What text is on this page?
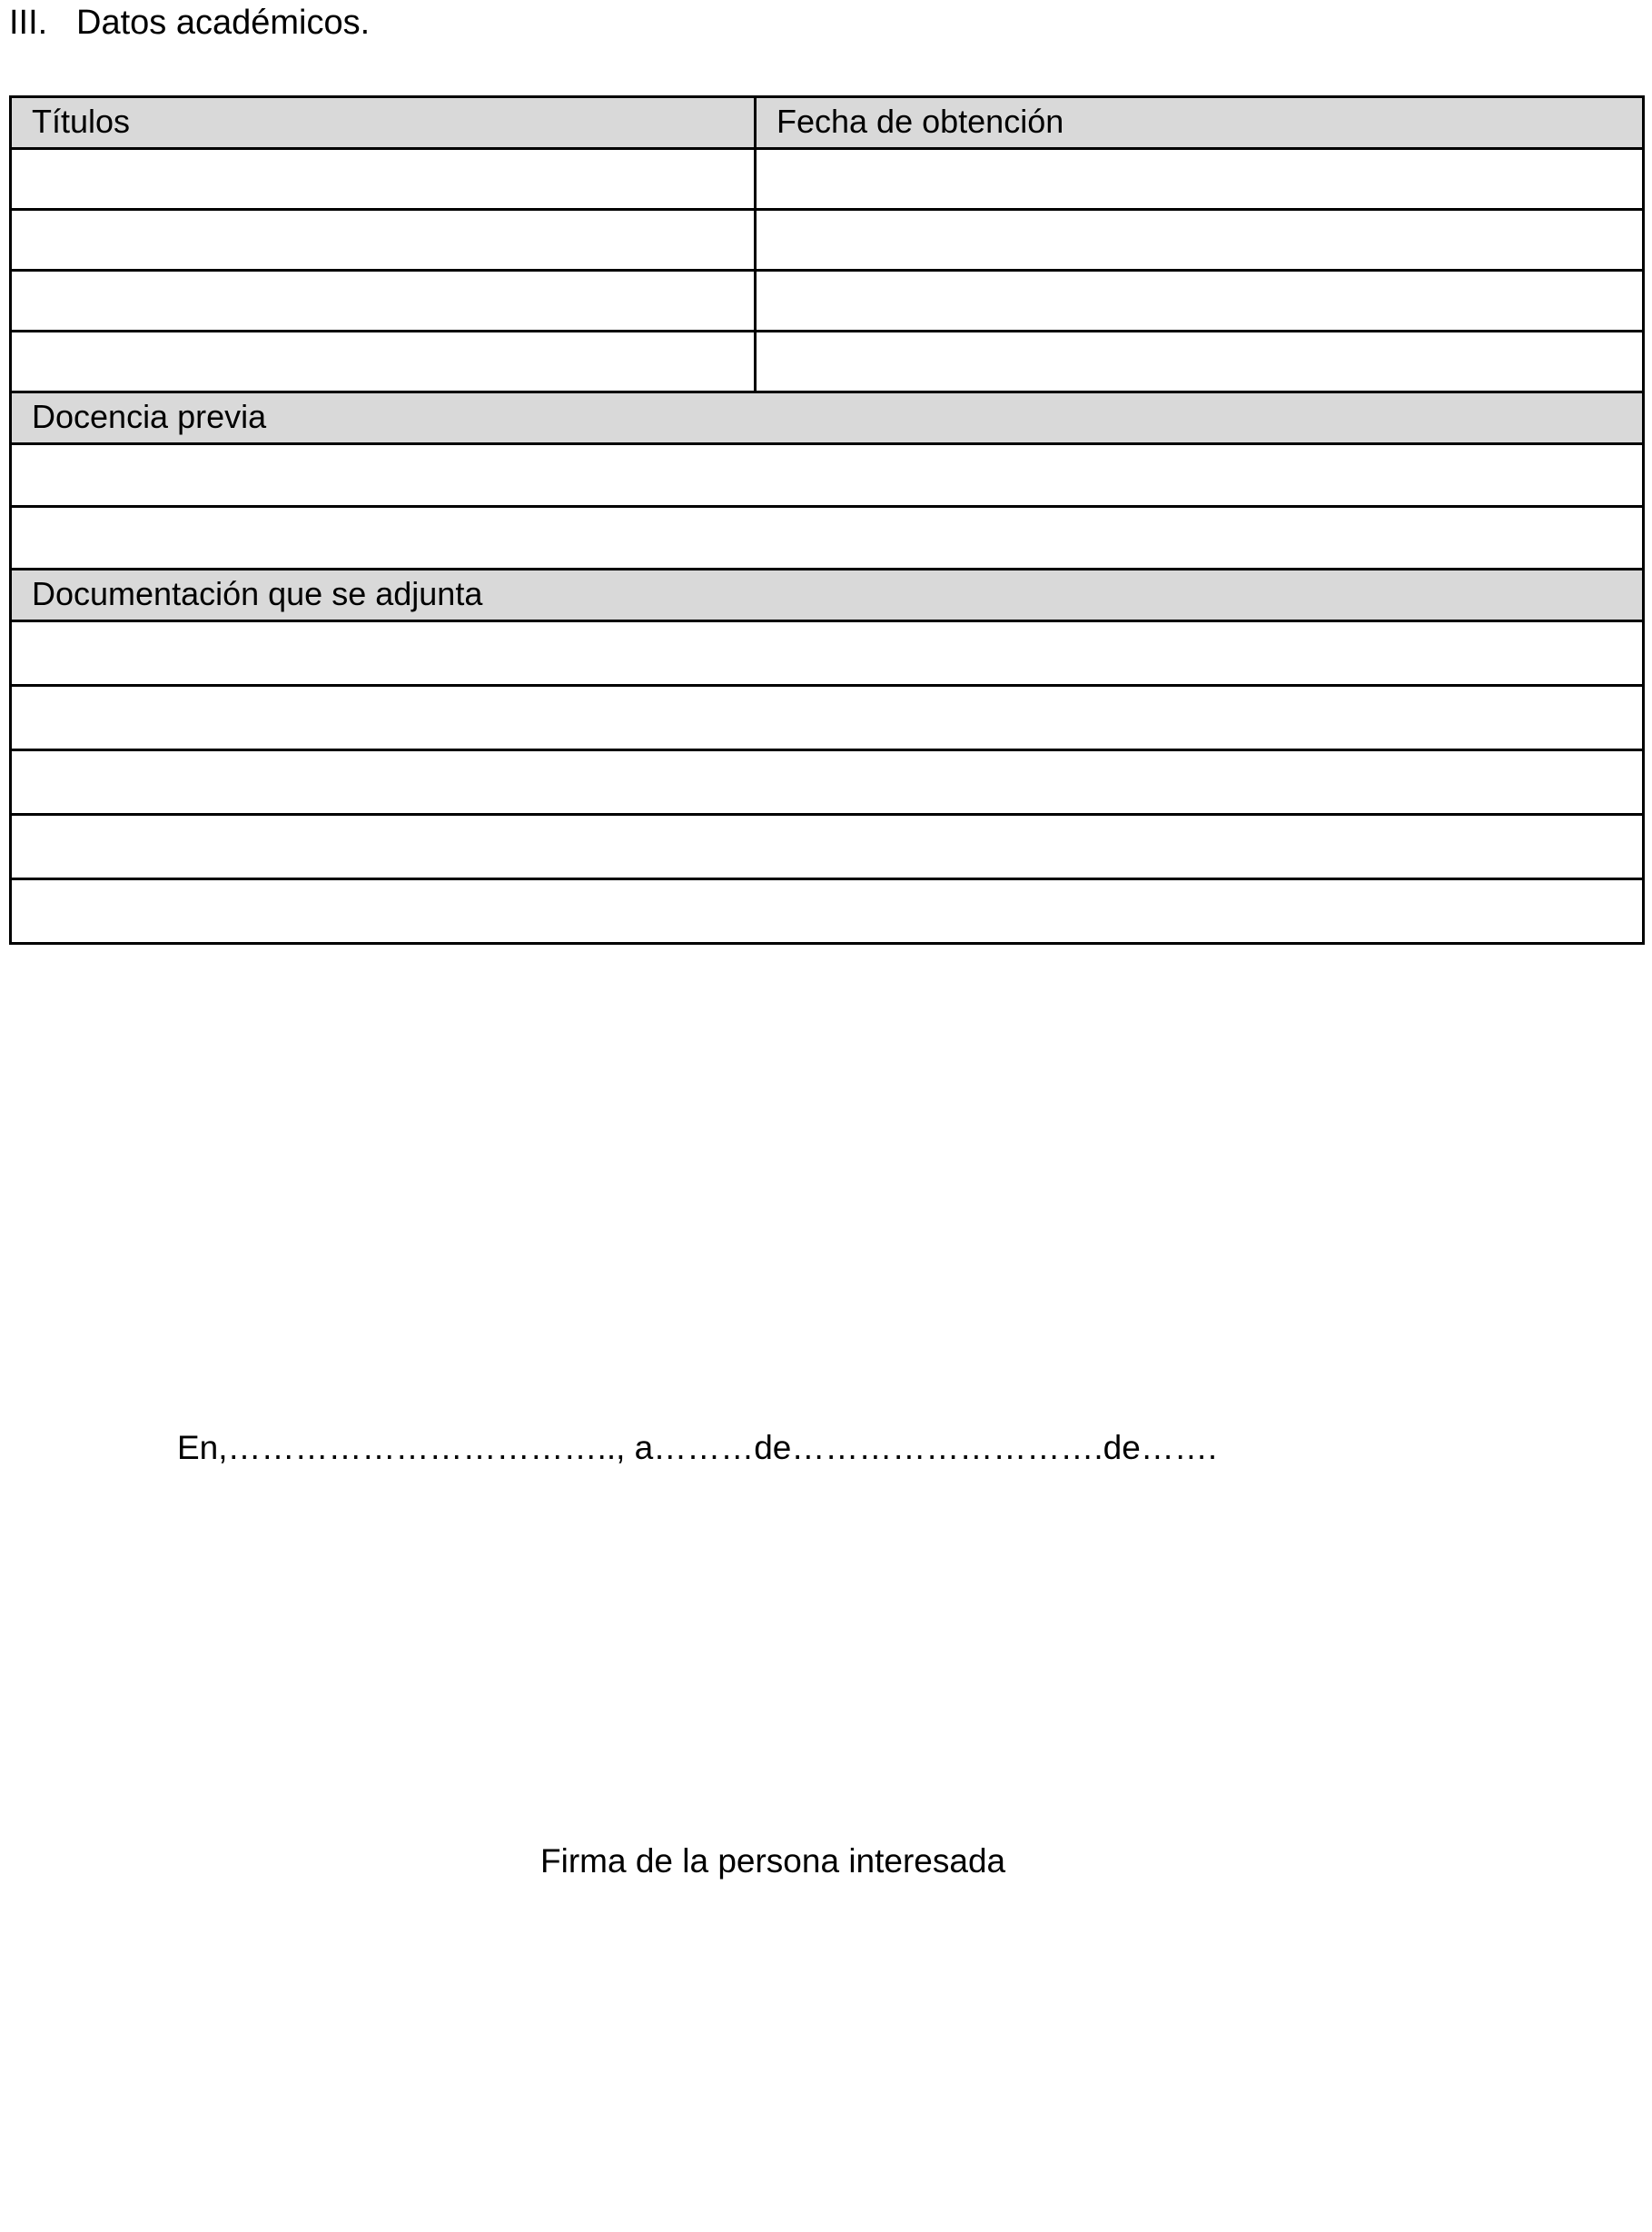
III. Datos académicos.
Títulos	Fecha de obtención

Docencia previa	

Documentación que se adjunta	

En,…………………………….., a………de……………………….de…….
Firma de la persona interesada
